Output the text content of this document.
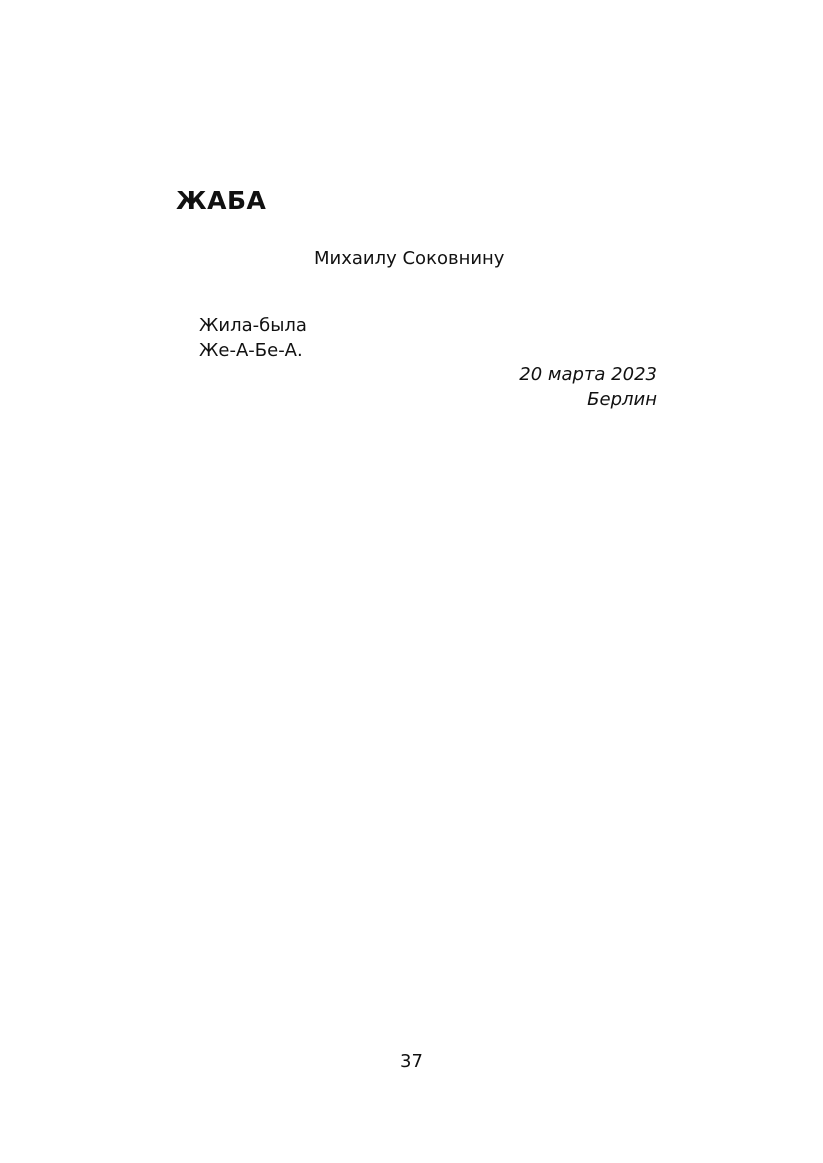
ЖАБА

Михаилу Соковнину

Жила-была
Же-А-Бе-А.
20 марта 2023
Берлин

37
